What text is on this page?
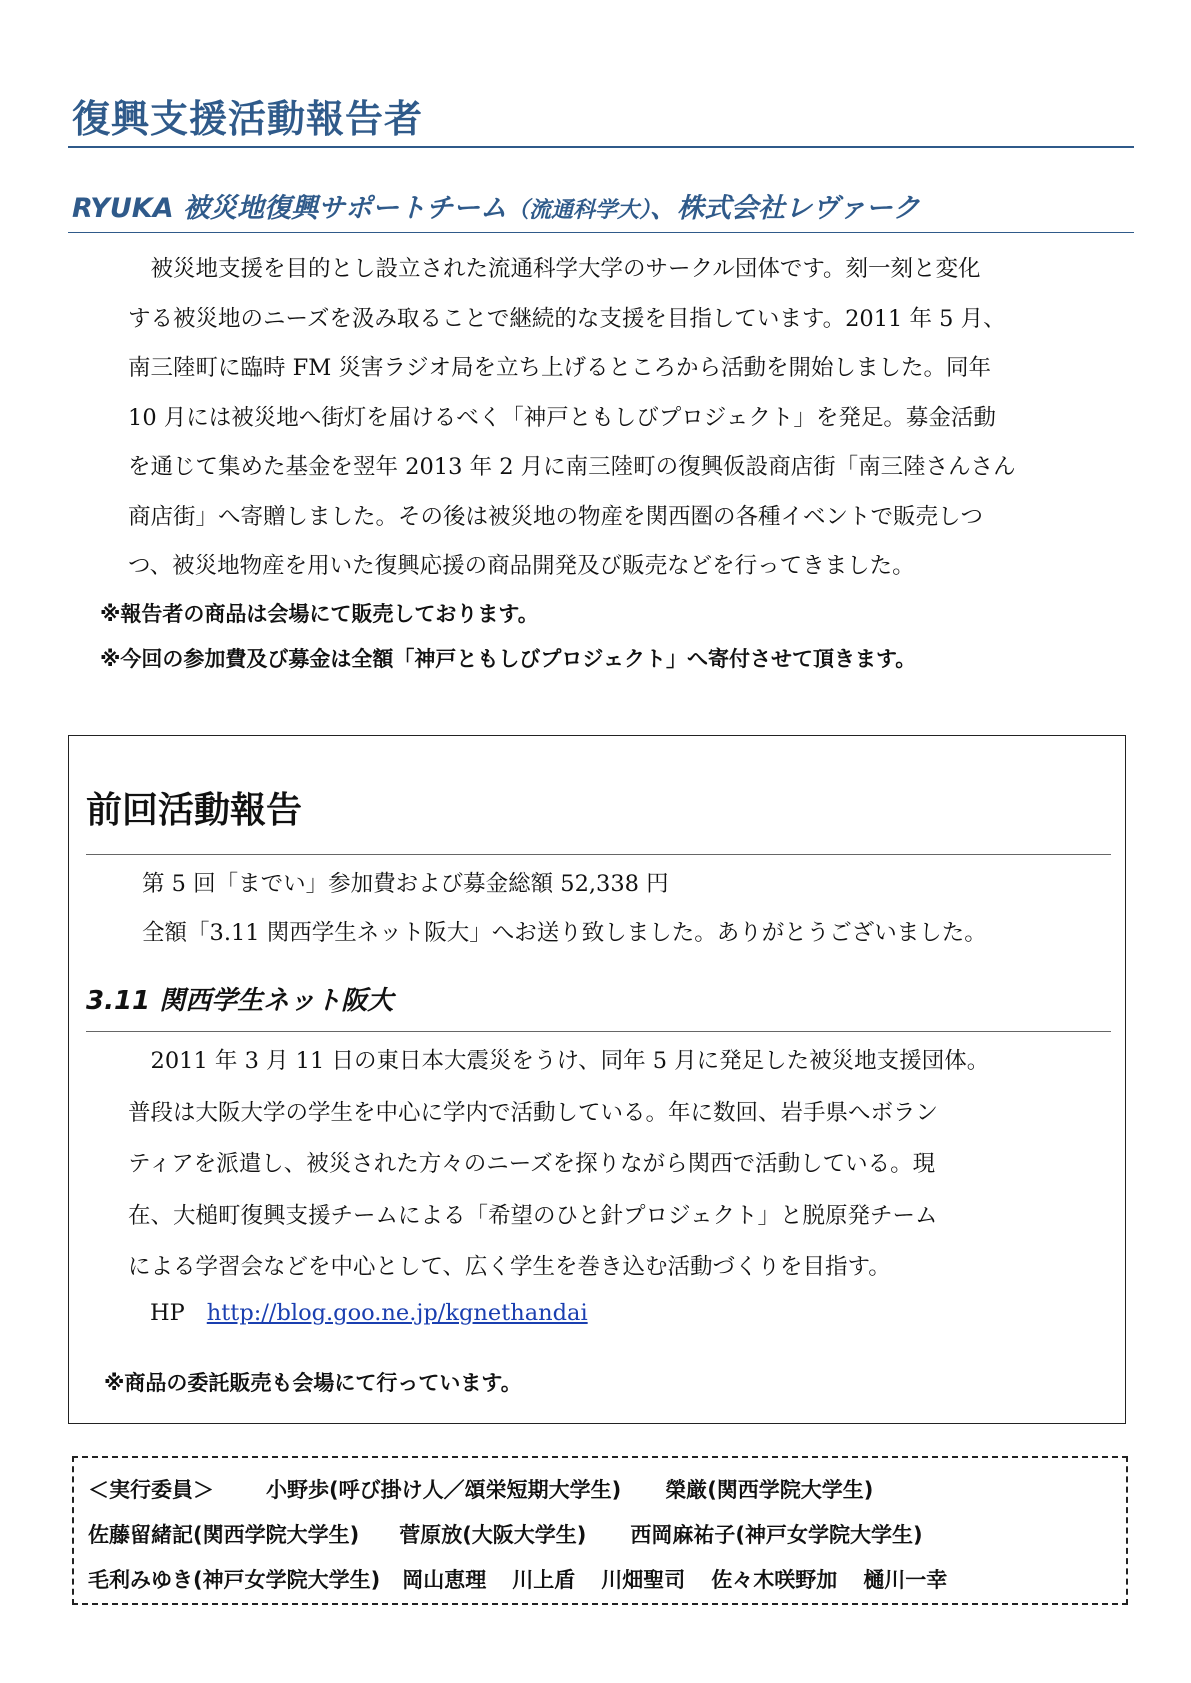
復興支援活動報告者
RYUKA 被災地復興サポートチーム（流通科学大）、株式会社レヴァーク

　被災地支援を目的とし設立された流通科学大学のサークル団体です。刻一刻と変化

する被災地のニーズを汲み取ることで継続的な支援を目指しています。2011 年 5 月、

南三陸町に臨時 FM 災害ラジオ局を立ち上げるところから活動を開始しました。同年

10 月には被災地へ街灯を届けるべく「神戸ともしびプロジェクト」を発足。募金活動

を通じて集めた基金を翌年 2013 年 2 月に南三陸町の復興仮設商店街「南三陸さんさん

商店街」へ寄贈しました。その後は被災地の物産を関西圏の各種イベントで販売しつ

つ、被災地物産を用いた復興応援の商品開発及び販売などを行ってきました。

※報告者の商品は会場にて販売しております。
※今回の参加費及び募金は全額「神戸ともしびプロジェクト」へ寄付させて頂きます。
前回活動報告

第 5 回「までい」参加費および募金総額 52,338 円

全額「3.11 関西学生ネット阪大」へお送り致しました。ありがとうございました。

3.11 関西学生ネット阪大

　2011 年 3 月 11 日の東日本大震災をうけ、同年 5 月に発足した被災地支援団体。

普段は大阪大学の学生を中心に学内で活動している。年に数回、岩手県へボラン

ティアを派遣し、被災された方々のニーズを探りながら関西で活動している。現

在、大槌町復興支援チームによる「希望のひと針プロジェクト」と脱原発チーム

による学習会などを中心として、広く学生を巻き込む活動づくりを目指す。

HP http://blog.goo.ne.jp/kgnethandai
※商品の委託販売も会場にて行っています。
＜実行委員＞ 小野歩(呼び掛け人／頌栄短期大学生) 榮厳(関西学院大学生)
佐藤留緒記(関西学院大学生) 菅原放(大阪大学生) 西岡麻祐子(神戸女学院大学生)
毛利みゆき(神戸女学院大学生) 岡山恵理 川上盾 川畑聖司 佐々木咲野加 樋川一幸
